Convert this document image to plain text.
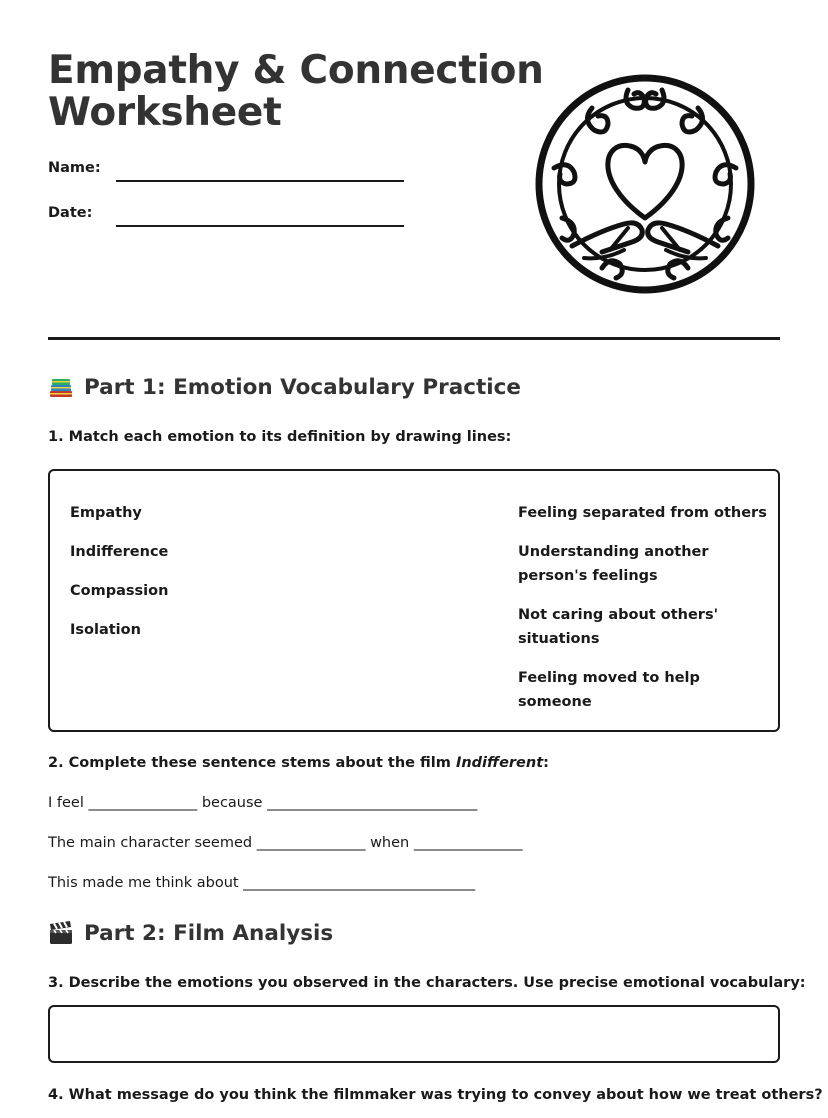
Empathy & Connection
Worksheet
Name:
Date:
Part 1: Emotion Vocabulary Practice

1. Match each emotion to its definition by drawing lines:

Empathy
Indifference
Compassion
Isolation
Feeling separated from others
Understanding another person's feelings
Not caring about others' situations
Feeling moved to help someone

2. Complete these sentence stems about the film Indifferent:

I feel _______________ because _____________________________
The main character seemed _______________ when _______________
This made me think about ________________________________
Part 2: Film Analysis

3. Describe the emotions you observed in the characters. Use precise emotional vocabulary:

4. What message do you think the filmmaker was trying to convey about how we treat others?
